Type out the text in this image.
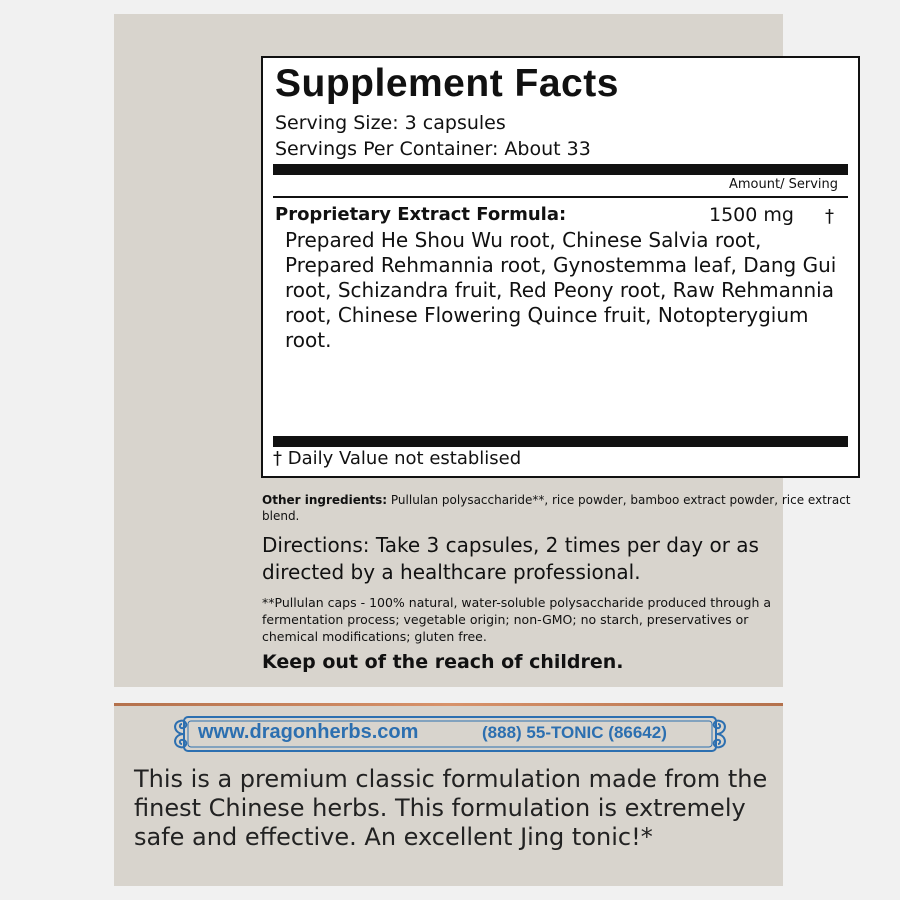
Supplement Facts
Serving Size: 3 capsules
Servings Per Container: About 33
Amount/ Serving
Proprietary Extract Formula:	1500 mg †
Prepared He Shou Wu root, Chinese Salvia root, Prepared Rehmannia root, Gynostemma leaf, Dang Gui root, Schizandra fruit, Red Peony root, Raw Rehmannia root, Chinese Flowering Quince fruit, Notopterygium root.
† Daily Value not establised
Other ingredients: Pullulan polysaccharide**, rice powder, bamboo extract powder, rice extract blend.
Directions: Take 3 capsules, 2 times per day or as directed by a healthcare professional.
**Pullulan caps - 100% natural, water-soluble polysaccharide produced through a fermentation process; vegetable origin; non-GMO; no starch, preservatives or chemical modifications; gluten free.
Keep out of the reach of children.
www.dragonherbs.com	(888) 55-TONIC (86642)
This is a premium classic formulation made from the finest Chinese herbs. This formulation is extremely safe and effective. An excellent Jing tonic!*
